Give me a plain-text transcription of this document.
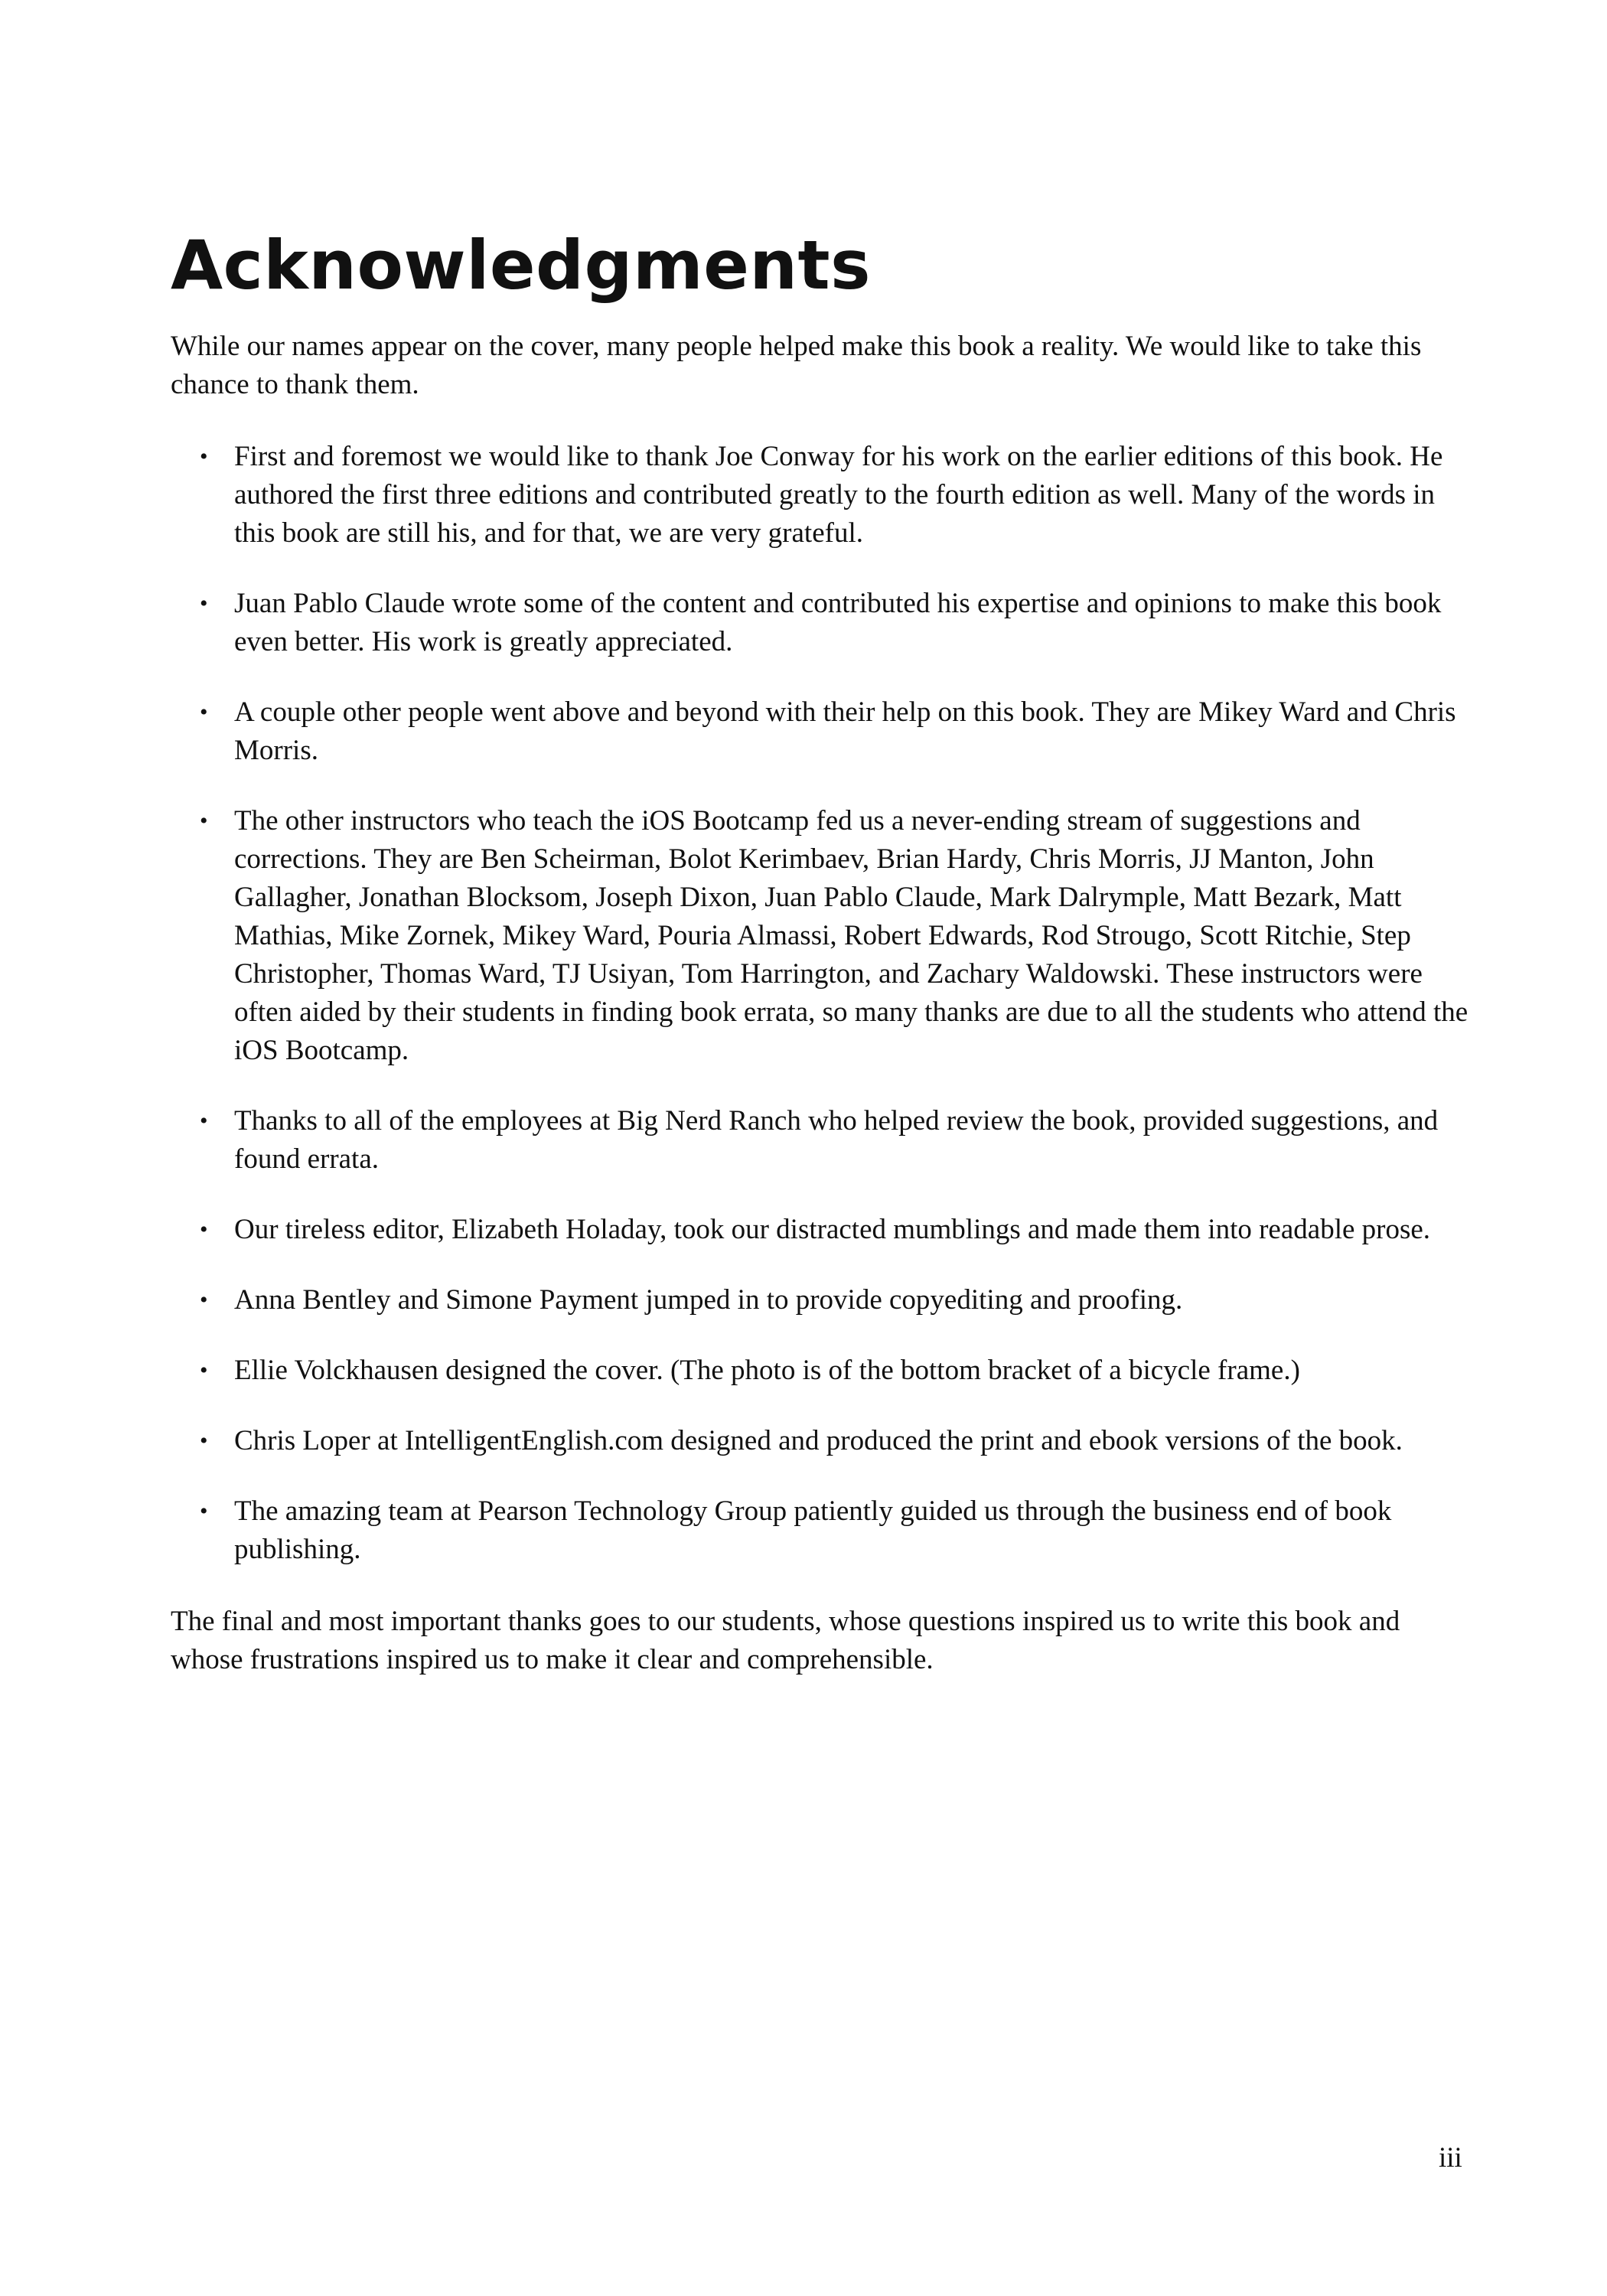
Acknowledgments

While our names appear on the cover, many people helped make this book a reality. We would like to take this chance to thank them.

• First and foremost we would like to thank Joe Conway for his work on the earlier editions of this book. He authored the first three editions and contributed greatly to the fourth edition as well. Many of the words in this book are still his, and for that, we are very grateful.
• Juan Pablo Claude wrote some of the content and contributed his expertise and opinions to make this book even better. His work is greatly appreciated.
• A couple other people went above and beyond with their help on this book. They are Mikey Ward and Chris Morris.
• The other instructors who teach the iOS Bootcamp fed us a never-ending stream of suggestions and corrections. They are Ben Scheirman, Bolot Kerimbaev, Brian Hardy, Chris Morris, JJ Manton, John Gallagher, Jonathan Blocksom, Joseph Dixon, Juan Pablo Claude, Mark Dalrymple, Matt Bezark, Matt Mathias, Mike Zornek, Mikey Ward, Pouria Almassi, Robert Edwards, Rod Strougo, Scott Ritchie, Step Christopher, Thomas Ward, TJ Usiyan, Tom Harrington, and Zachary Waldowski. These instructors were often aided by their students in finding book errata, so many thanks are due to all the students who attend the iOS Bootcamp.
• Thanks to all of the employees at Big Nerd Ranch who helped review the book, provided suggestions, and found errata.
• Our tireless editor, Elizabeth Holaday, took our distracted mumblings and made them into readable prose.
• Anna Bentley and Simone Payment jumped in to provide copyediting and proofing.
• Ellie Volckhausen designed the cover. (The photo is of the bottom bracket of a bicycle frame.)
• Chris Loper at IntelligentEnglish.com designed and produced the print and ebook versions of the book.
• The amazing team at Pearson Technology Group patiently guided us through the business end of book publishing.

The final and most important thanks goes to our students, whose questions inspired us to write this book and whose frustrations inspired us to make it clear and comprehensible.

iii
